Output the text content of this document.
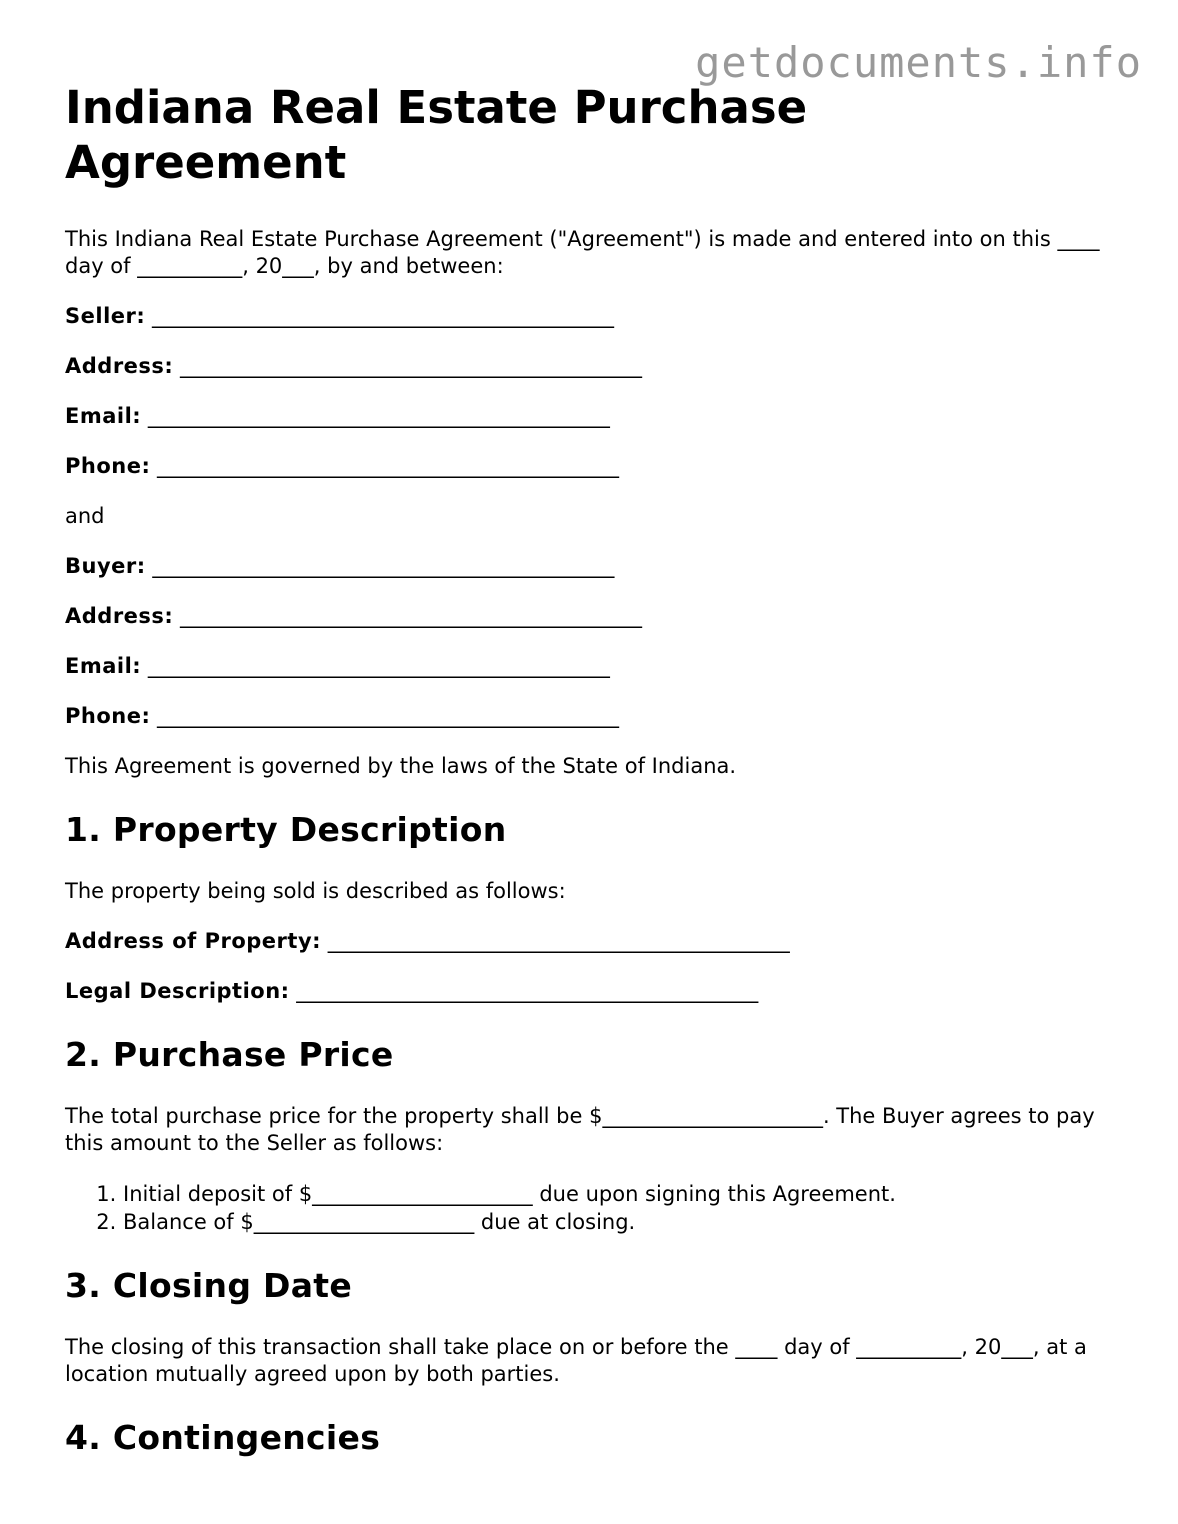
getdocuments.info
Indiana Real Estate Purchase Agreement

This Indiana Real Estate Purchase Agreement ("Agreement") is made and entered into on this ____ day of __________, 20___, by and between:

Seller: ____________________________________________
Address: ____________________________________________
Email: ____________________________________________
Phone: ____________________________________________

and

Buyer: ____________________________________________
Address: ____________________________________________
Email: ____________________________________________
Phone: ____________________________________________

This Agreement is governed by the laws of the State of Indiana.

1. Property Description

The property being sold is described as follows:

Address of Property: ____________________________________________
Legal Description: ____________________________________________
2. Purchase Price

The total purchase price for the property shall be $_____________________. The Buyer agrees to pay this amount to the Seller as follows:

1. Initial deposit of $_____________________ due upon signing this Agreement.
2. Balance of $_____________________ due at closing.
3. Closing Date

The closing of this transaction shall take place on or before the ____ day of __________, 20___, at a location mutually agreed upon by both parties.

4. Contingencies
